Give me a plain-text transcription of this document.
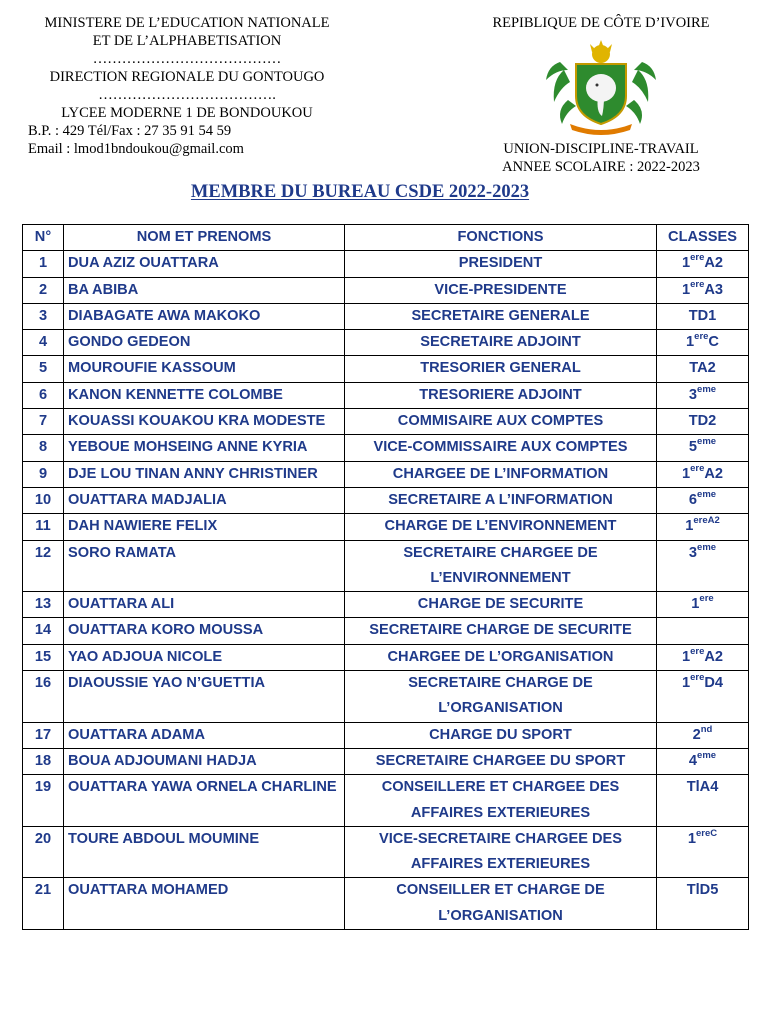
MINISTERE DE L’EDUCATION NATIONALE
ET DE L’ALPHABETISATION
…………………………………
DIRECTION REGIONALE DU GONTOUGO
……………………………….
LYCEE MODERNE 1 DE BONDOUKOU
B.P. : 429 Tél/Fax : 27 35 91 54 59
Email : lmod1bndoukou@gmail.com
REPIBLIQUE DE CÔTE D’IVOIRE
UNION-DISCIPLINE-TRAVAIL
ANNEE SCOLAIRE : 2022-2023
MEMBRE DU BUREAU CSDE 2022-2023
N°	NOM ET PRENOMS	FONCTIONS	CLASSES
1	DUA AZIZ OUATTARA	PRESIDENT	1ereA2
2	BA ABIBA	VICE-PRESIDENTE	1ereA3
3	DIABAGATE AWA MAKOKO	SECRETAIRE GENERALE	TD1
4	GONDO GEDEON	SECRETAIRE ADJOINT	1ereC
5	MOUROUFIE KASSOUM	TRESORIER GENERAL	TA2
6	KANON KENNETTE COLOMBE	TRESORIERE ADJOINT	3eme
7	KOUASSI KOUAKOU KRA MODESTE	COMMISAIRE AUX COMPTES	TD2
8	YEBOUE MOHSEING ANNE KYRIA	VICE-COMMISSAIRE AUX COMPTES	5eme
9	DJE LOU TINAN ANNY CHRISTINER	CHARGEE DE L’INFORMATION	1ereA2
10	OUATTARA MADJALIA	SECRETAIRE A L’INFORMATION	6eme
11	DAH NAWIERE FELIX	CHARGE DE L’ENVIRONNEMENT	$1^{ereA2}$
12	SORO RAMATA	SECRETAIRE CHARGEE DE L’ENVIRONNEMENT	3eme
13	OUATTARA ALI	CHARGE DE SECURITE	1ere
14	OUATTARA KORO MOUSSA	SECRETAIRE CHARGE DE SECURITE	
15	YAO ADJOUA NICOLE	CHARGEE DE L’ORGANISATION	1ereA2
16	DIAOUSSIE YAO N’GUETTIA	SECRETAIRE CHARGE DE L’ORGANISATION	1ereD4
17	OUATTARA ADAMA	CHARGE DU SPORT	2nd
18	BOUA ADJOUMANI HADJA	SECRETAIRE CHARGEE DU SPORT	4eme
19	OUATTARA YAWA ORNELA CHARLINE	CONSEILLERE ET CHARGEE DES AFFAIRES EXTERIEURES	TlA4
20	TOURE ABDOUL MOUMINE	VICE-SECRETAIRE CHARGEE DES AFFAIRES EXTERIEURES	$1^{ereC}$
21	OUATTARA MOHAMED	CONSEILLER ET CHARGE DE L’ORGANISATION	TlD5
